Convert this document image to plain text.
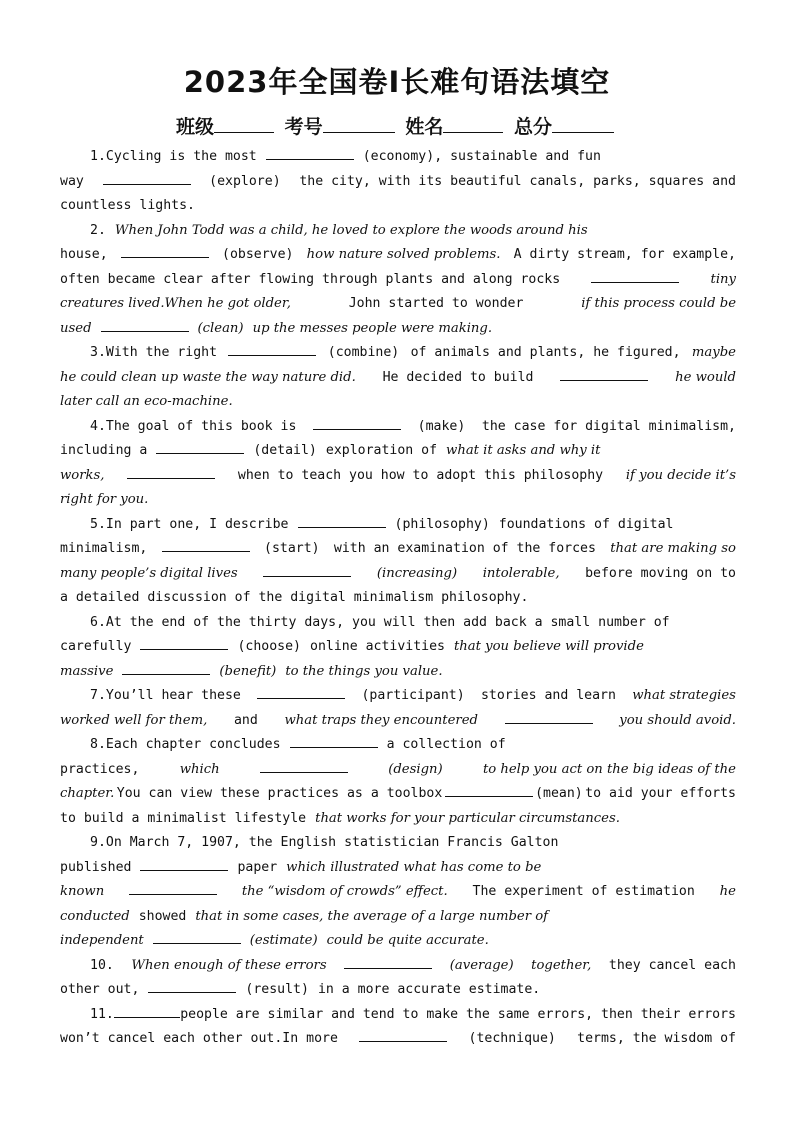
2023年全国卷Ⅰ长难句语法填空
班级	考号	姓名	总分
1.Cycling is the most	(economy), sustainable and fun
way	(explore) the city, with its beautiful canals, parks, squares and
countless lights.
2. When John Todd was a child, he loved to explore the woods around his
house,	(observe) how nature solved problems. A dirty stream, for example,
often became clear after flowing through plants and along rocks	tiny
creatures lived.When he got older,	John started to wonder	if this process could be
used	(clean) up the messes people were making.
3.With the right	(combine) of animals and plants, he figured, maybe
he could clean up waste the way nature did. He decided to build	he would
later call an eco-machine.
4.The goal of this book is	(make) the case for digital minimalism,
including a	(detail) exploration of what it asks and why it
works,	when to teach you how to adopt this philosophy if you decide it’s
right for you.
5.In part one, I describe	(philosophy) foundations of digital
minimalism,	(start) with an examination of the forces that are making so
many people’s digital lives	(increasing) intolerable, before moving on to
a detailed discussion of the digital minimalism philosophy.
6.At the end of the thirty days, you will then add back a small number of
carefully	(choose) online activities that you believe will provide
massive	(benefit) to the things you value.
7.You’ll hear these	(participant) stories and learn what strategies
worked well for them, and what traps they encountered	you should avoid.
8.Each chapter concludes	a collection of
practices,	which	(design)	to help you act on the big ideas of the
chapter. You can view these practices as a toolbox	(mean) to aid your efforts
to build a minimalist lifestyle that works for your particular circumstances.
9.On March 7, 1907, the English statistician Francis Galton
published	paper which illustrated what has come to be
known	the “wisdom of crowds” effect. The experiment of estimation he
conducted showed that in some cases, the average of a large number of
independent	(estimate) could be quite accurate.
10. When enough of these errors	(average) together, they cancel each
other out,	(result) in a more accurate estimate.
11.	people are similar and tend to make the same errors, then their errors
won’t cancel each other out.In more	(technique) terms, the wisdom of
